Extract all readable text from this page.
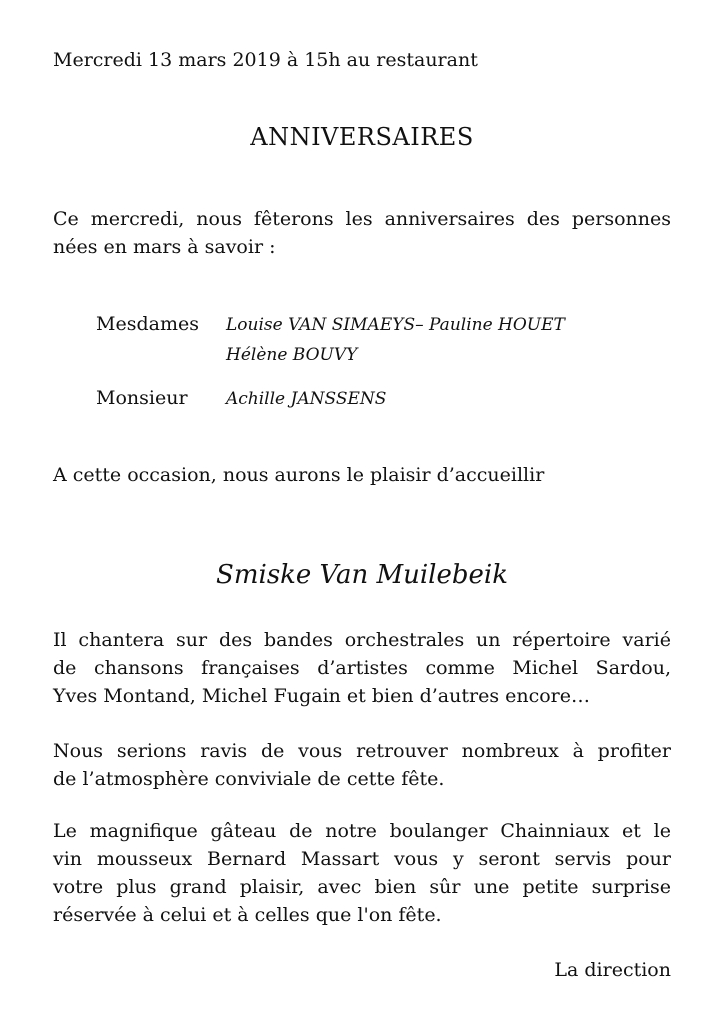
Mercredi 13 mars 2019 à 15h au restaurant
ANNIVERSAIRES
Ce mercredi, nous fêterons les anniversaires des personnes
nées en mars à savoir :
Mesdames Louise VAN SIMAEYS– Pauline HOUET
Hélène BOUVY
Monsieur Achille JANSSENS
A cette occasion, nous aurons le plaisir d’accueillir
Smiske Van Muilebeik
Il chantera sur des bandes orchestrales un répertoire varié
de chansons françaises d’artistes comme Michel Sardou,
Yves Montand, Michel Fugain et bien d’autres encore…
Nous serions ravis de vous retrouver nombreux à profiter
de l’atmosphère conviviale de cette fête.
Le magnifique gâteau de notre boulanger Chainniaux et le
vin mousseux Bernard Massart vous y seront servis pour
votre plus grand plaisir, avec bien sûr une petite surprise
réservée à celui et à celles que l'on fête.
La direction
